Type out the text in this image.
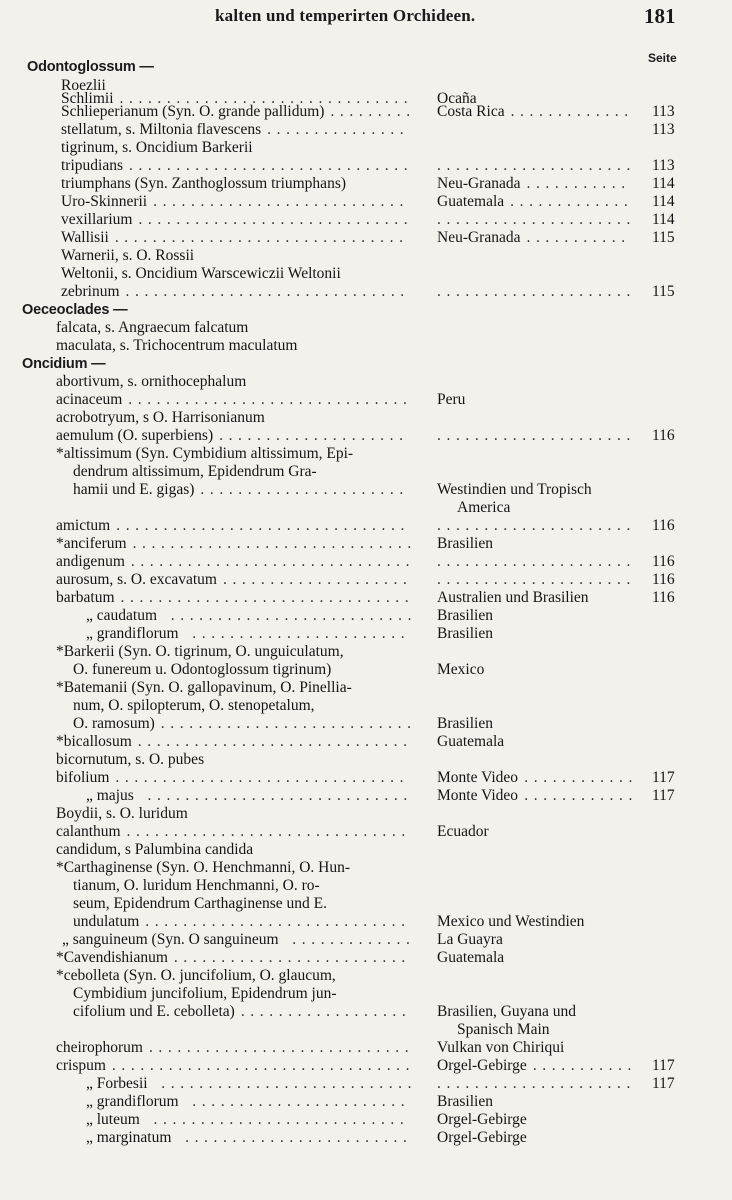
kalten und temperirten Orchideen.	181
Seite
Odontoglossum —
Roezlii
Schlimii ............................... Ocaña
Schlieperianum (Syn. O. grande pallidum) ......... Costa Rica ............. 113
stellatum, s. Miltonia flavescens ...............	113
tigrinum, s. Oncidium Barkerii
tripudians .............................. ..................... 113
triumphans (Syn. Zanthoglossum triumphans)	Neu-Granada ........... 114
Uro-Skinnerii ........................... Guatemala ............. 114
vexillarium ............................. ..................... 114
Wallisii ............................... Neu-Granada ........... 115
Warnerii, s. O. Rossii
Weltonii, s. Oncidium Warscewiczii Weltonii
zebrinum .............................. ..................... 115
Oeceoclades —
falcata, s. Angraecum falcatum
maculata, s. Trichocentrum maculatum
Oncidium —
abortivum, s. ornithocephalum
acinaceum .............................. Peru
acrobotryum, s O. Harrisonianum
aemulum (O. superbiens) .................... ..................... 116
*altissimum (Syn. Cymbidium altissimum, Epi-
dendrum altissimum, Epidendrum Gra-
hamii und E. gigas) ...................... Westindien und Tropisch
America
amictum ............................... ..................... 116
*anciferum .............................. Brasilien
andigenum .............................. ..................... 116
aurosum, s. O. excavatum .................... ..................... 116
barbatum ............................... Australien und Brasilien	116
„ caudatum .......................... Brasilien
„ grandiflorum ....................... Brasilien
*Barkerii (Syn. O. tigrinum, O. unguiculatum,
O. funereum u. Odontoglossum tigrinum)	Mexico
*Batemanii (Syn. O. gallopavinum, O. Pinellia-
num, O. spilopterum, O. stenopetalum,
O. ramosum) ........................... Brasilien
*bicallosum ............................. Guatemala
bicornutum, s. O. pubes
bifolium ............................... Monte Video ............ 117
„ majus ............................ Monte Video ............ 117
Boydii, s. O. luridum
calanthum .............................. Ecuador
candidum, s Palumbina candida
*Carthaginense (Syn. O. Henchmanni, O. Hun-
tianum, O. luridum Henchmanni, O. ro-
seum, Epidendrum Carthaginense und E.
undulatum ............................ Mexico und Westindien
„ sanguineum (Syn. O sanguineum ............. La Guayra
*Cavendishianum ......................... Guatemala
*cebolleta (Syn. O. juncifolium, O. glaucum,
Cymbidium juncifolium, Epidendrum jun-
cifolium und E. cebolleta) .................. Brasilien, Guyana und
Spanisch Main
cheirophorum ............................ Vulkan von Chiriqui
crispum ................................ Orgel-Gebirge ........... 117
„ Forbesii ........................... ..................... 117
„ grandiflorum ....................... Brasilien
„ luteum ........................... Orgel-Gebirge
„ marginatum ........................ Orgel-Gebirge
